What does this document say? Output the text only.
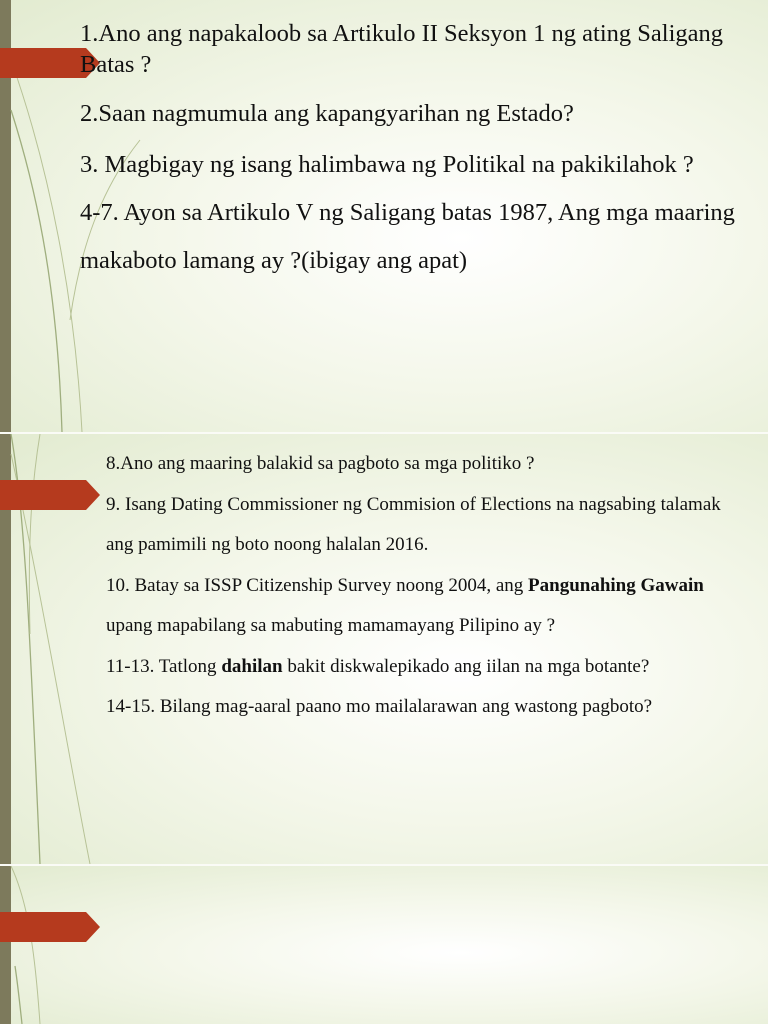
1.Ano ang napakaloob sa Artikulo II Seksyon 1 ng ating Saligang Batas ?

2.Saan nagmumula ang kapangyarihan ng Estado?

3. Magbigay ng isang halimbawa ng Politikal na pakikilahok ?

4-7. Ayon sa Artikulo V ng Saligang batas 1987, Ang mga maaring makaboto lamang ay ?(ibigay ang apat)

8.Ano ang maaring balakid sa pagboto sa mga politiko ?

9. Isang Dating Commissioner ng Commision of Elections na nagsabing talamak ang pamimili ng boto noong halalan 2016.

10. Batay sa ISSP Citizenship Survey noong 2004, ang Pangunahing Gawain upang mapabilang sa mabuting mamamayang Pilipino ay ?

11-13. Tatlong dahilan bakit diskwalepikado ang iilan na mga botante?

14-15. Bilang mag-aaral paano mo mailalarawan ang wastong pagboto?
